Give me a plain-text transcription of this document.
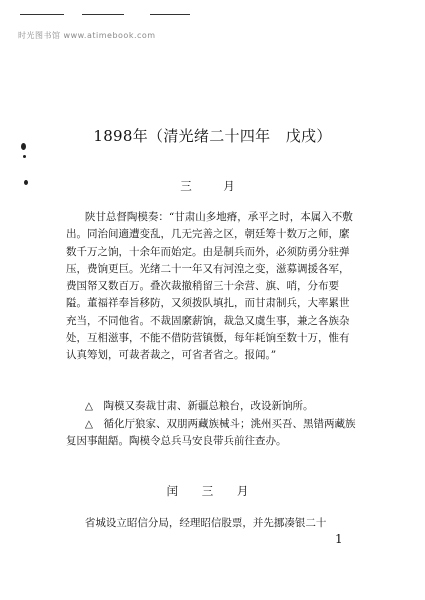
时光图书馆 www.atimebook.com
1898年（清光绪二十四年　戊戌）
三　月
陕甘总督陶模奏：“甘肃山多地瘠，承平之时，本属入不敷出。同治间適遭变乱，几无完善之区，朝廷筹十数万之师，縻数千万之饷，十余年而始定。由是制兵而外，必须防勇分驻弹压，费饷更巨。光绪二十一年又有河湟之变，滋募调援各军，费国帑又数百万。叠次裁撤稍留三十余营、旗、哨，分布要隘。董福祥奉旨移防，又须拨队填扎，而甘肃制兵，大率累世充当，不同他省。不裁固縻薪饷，裁急又虞生事，兼之各族杂处，互相滋事，不能不借防营镇慑，每年耗饷至数十万，惟有认真筹划，可裁者裁之，可省者省之。报闻。”
△　陶模又奏裁甘肃、新疆总粮台，改设新饷所。
△　循化厅狼家、双朋两藏族械斗；洮州买吾、黑错两藏族复因事龃龉。陶模令总兵马安良带兵前往查办。
闰 三 月
省城设立昭信分局，经理昭信股票，并先挪凑银二十
1
